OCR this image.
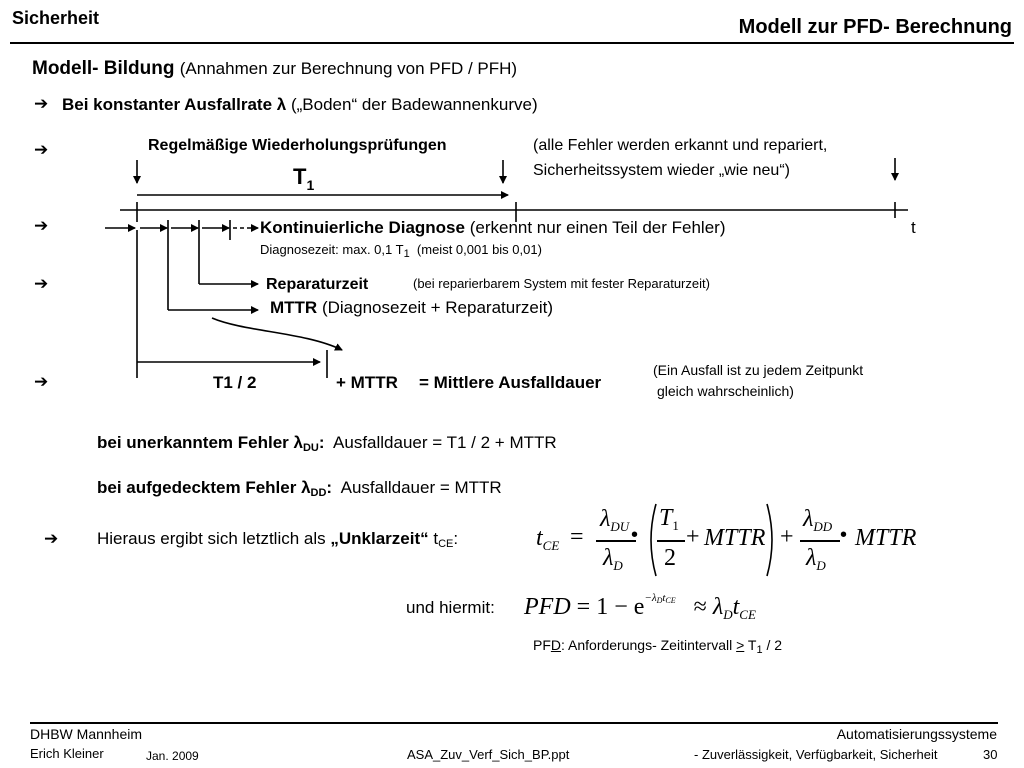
Sicherheit	Modell zur PFD- Berechnung
Modell- Bildung (Annahmen zur Berechnung von PFD / PFH)
➔ Bei konstanter Ausfallrate λ („Boden“ der Badewannenkurve)
➔
➔
➔
➔
Regelmäßige Wiederholungsprüfungen	(alle Fehler werden erkannt und repariert,
Sicherheitssystem wieder „wie neu“)
$T_1$
t
Kontinuierliche Diagnose (erkennt nur einen Teil der Fehler)
Diagnosezeit: max. 0,1 $T_1$ (meist 0,001 bis 0,01)
Reparaturzeit	(bei reparierbarem System mit fester Reparaturzeit)
MTTR (Diagnosezeit + Reparaturzeit)
T1 / 2	+ MTTR = Mittlere Ausfalldauer
(Ein Ausfall ist zu jedem Zeitpunkt
gleich wahrscheinlich)
bei unerkanntem Fehler $\lambda_{DU}$: Ausfalldauer = T1 / 2 + MTTR
bei aufgedecktem Fehler $\lambda_{DD}$: Ausfalldauer = MTTR
➔ Hieraus ergibt sich letztlich als „Unklarzeit“ $t_{CE}$:	$t_{CE}$ =
$\lambda_{DU}$
$\lambda_D$
•
$T_1$
2
+ MTTR +
$\lambda_{DD}$
$\lambda_D$
• MTTR
und hiermit: PFD = $1 - e^{-\lambda DtCE} \approx \lambda_Dt_{CE}$
PFD: Anforderungs- Zeitintervall > $T_1 / 2$
DHBW Mannheim
Erich Kleiner	Jan. 2009	ASA_Zuv_Verf_Sich_BP.ppt
Automatisierungssysteme
- Zuverlässigkeit, Verfügbarkeit, Sicherheit	30
